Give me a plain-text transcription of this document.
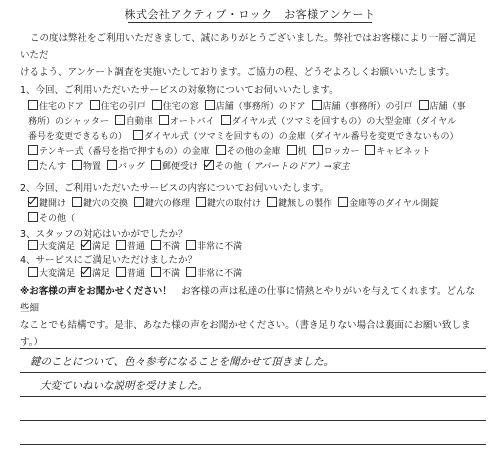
株式会社アクティブ・ロック　お客様アンケート

この度は弊社をご利用いただきまして、誠にありがとうございました。弊社ではお客様により一層ご満足いただ

けるよう、アンケート調査を実施いたしております。ご協力の程、どうぞよろしくお願いいたします。

1、今回、ご利用いただいたサービスの対象物についてお伺いいたします。
住宅のドア 住宅の引戸 住宅の窓 店舗（事務所）のドア 店舗（事務所）の引戸 店舗（事
務所）のシャッター 自動車 オートバイ ダイヤル式（ツマミを回すもの）の大型金庫（ダイヤル
番号を変更できるもの） ダイヤル式（ツマミを回すもの）の金庫（ダイヤル番号を変更できないもの）
テンキー式（番号を指で押すもの）の金庫 その他の金庫 机 ロッカー キャビネット
たんす 物置 バッグ 郵便受け その他（ アパートのドア）→家主
2、今回、ご利用いただいたサービスの内容についてお伺いいたします。
鍵開け 鍵穴の交換 鍵穴の修理 鍵穴の取付け 鍵無しの製作 金庫等のダイヤル開錠
その他（
3、スタッフの対応はいかがでしたか？
大変満足 満足 普通 不満 非常に不満
4、サービスにご満足いただけましたか？
大変満足 満足 普通 不満 非常に不満

※お客様の声をお聞かせください！　お客様の声は私達の仕事に情熱とやりがいを与えてくれます。どんな些細

なことでも結構です。是非、あなた様の声をお聞かせください。（書き足りない場合は裏面にお願い致します。）

鍵のことについて、色々参考になることを聞かせて頂きました。
大変ていねいな説明を受けました。
